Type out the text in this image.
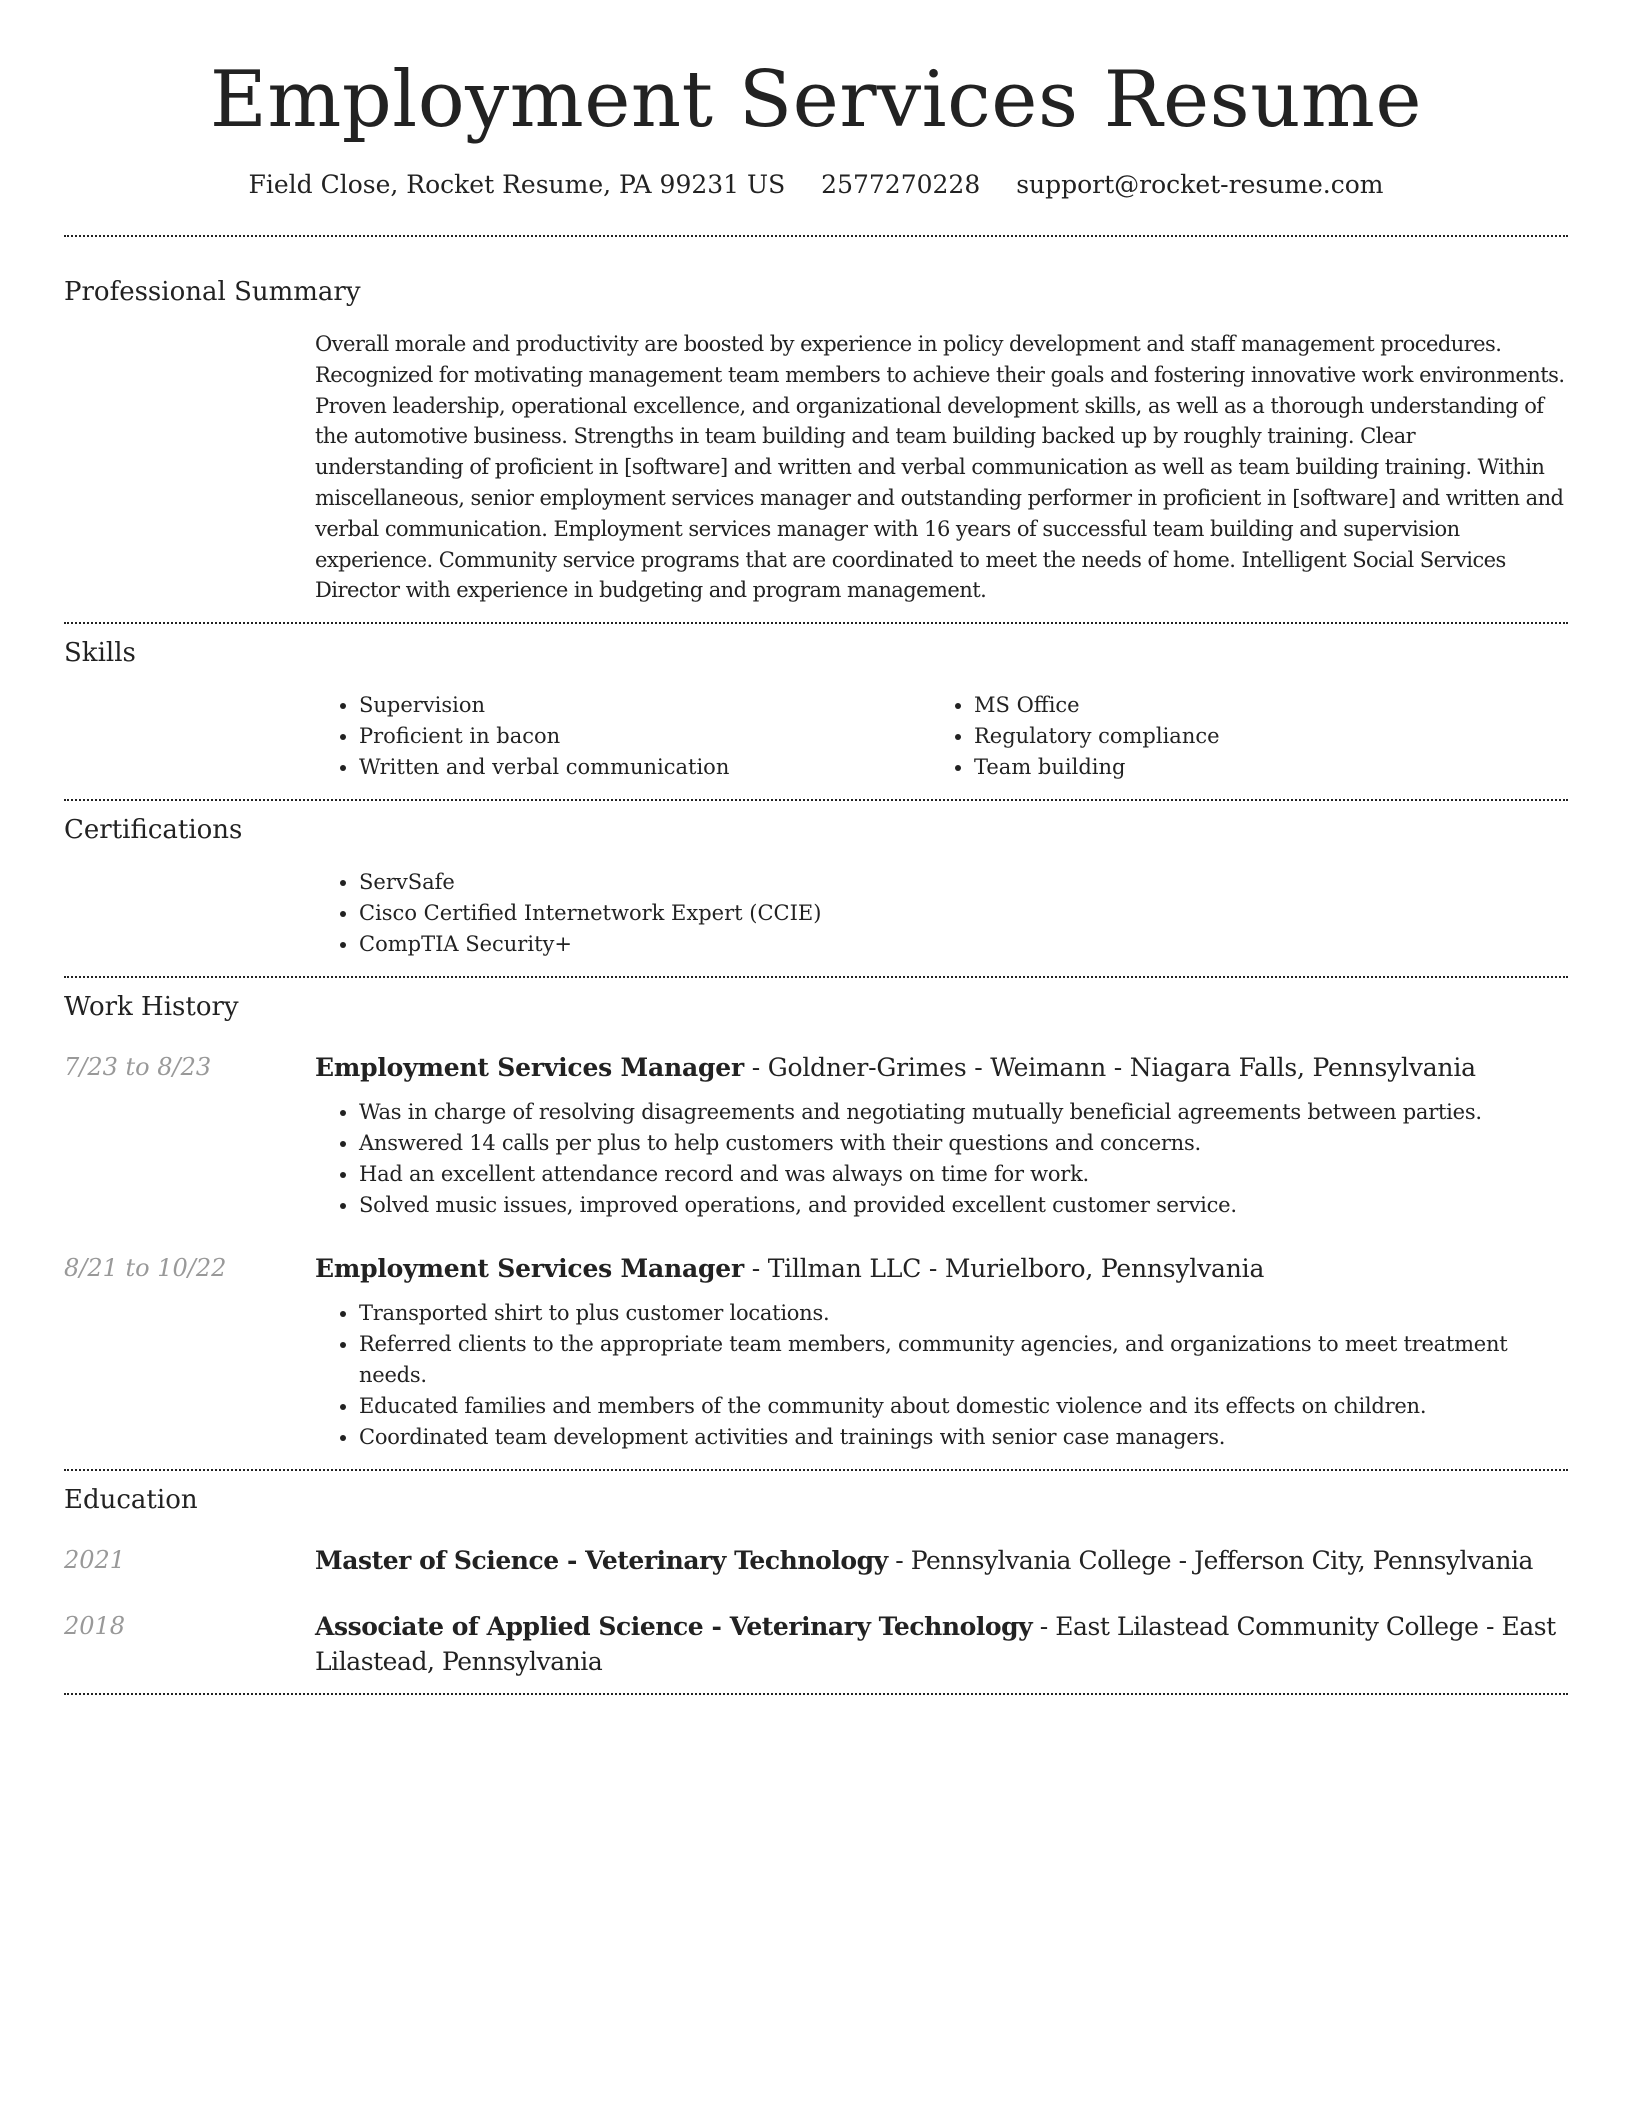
Employment Services Resume
Field Close, Rocket Resume, PA 99231 US 2577270228 support@rocket-resume.com
Professional Summary
Overall morale and productivity are boosted by experience in policy development and staff management procedures. Recognized for motivating management team members to achieve their goals and fostering innovative work environments. Proven leadership, operational excellence, and organizational development skills, as well as a thorough understanding of the automotive business. Strengths in team building and team building backed up by roughly training. Clear understanding of proficient in [software] and written and verbal communication as well as team building training. Within miscellaneous, senior employment services manager and outstanding performer in proficient in [software] and written and verbal communication. Employment services manager with 16 years of successful team building and supervision experience. Community service programs that are coordinated to meet the needs of home. Intelligent Social Services Director with experience in budgeting and program management.
Skills
• Supervision
• Proficient in bacon
• Written and verbal communication
• MS Office
• Regulatory compliance
• Team building
Certifications
• ServSafe
• Cisco Certified Internetwork Expert (CCIE)
• CompTIA Security+
Work History
7/23 to 8/23	Employment Services Manager - Goldner-Grimes - Weimann - Niagara Falls, Pennsylvania
• Was in charge of resolving disagreements and negotiating mutually beneficial agreements between parties.
• Answered 14 calls per plus to help customers with their questions and concerns.
• Had an excellent attendance record and was always on time for work.
• Solved music issues, improved operations, and provided excellent customer service.
8/21 to 10/22	Employment Services Manager - Tillman LLC - Murielboro, Pennsylvania
• Transported shirt to plus customer locations.
• Referred clients to the appropriate team members, community agencies, and organizations to meet treatment needs.
• Educated families and members of the community about domestic violence and its effects on children.
• Coordinated team development activities and trainings with senior case managers.
Education
2021	Master of Science - Veterinary Technology - Pennsylvania College - Jefferson City, Pennsylvania
2018	Associate of Applied Science - Veterinary Technology - East Lilastead Community College - East Lilastead, Pennsylvania
